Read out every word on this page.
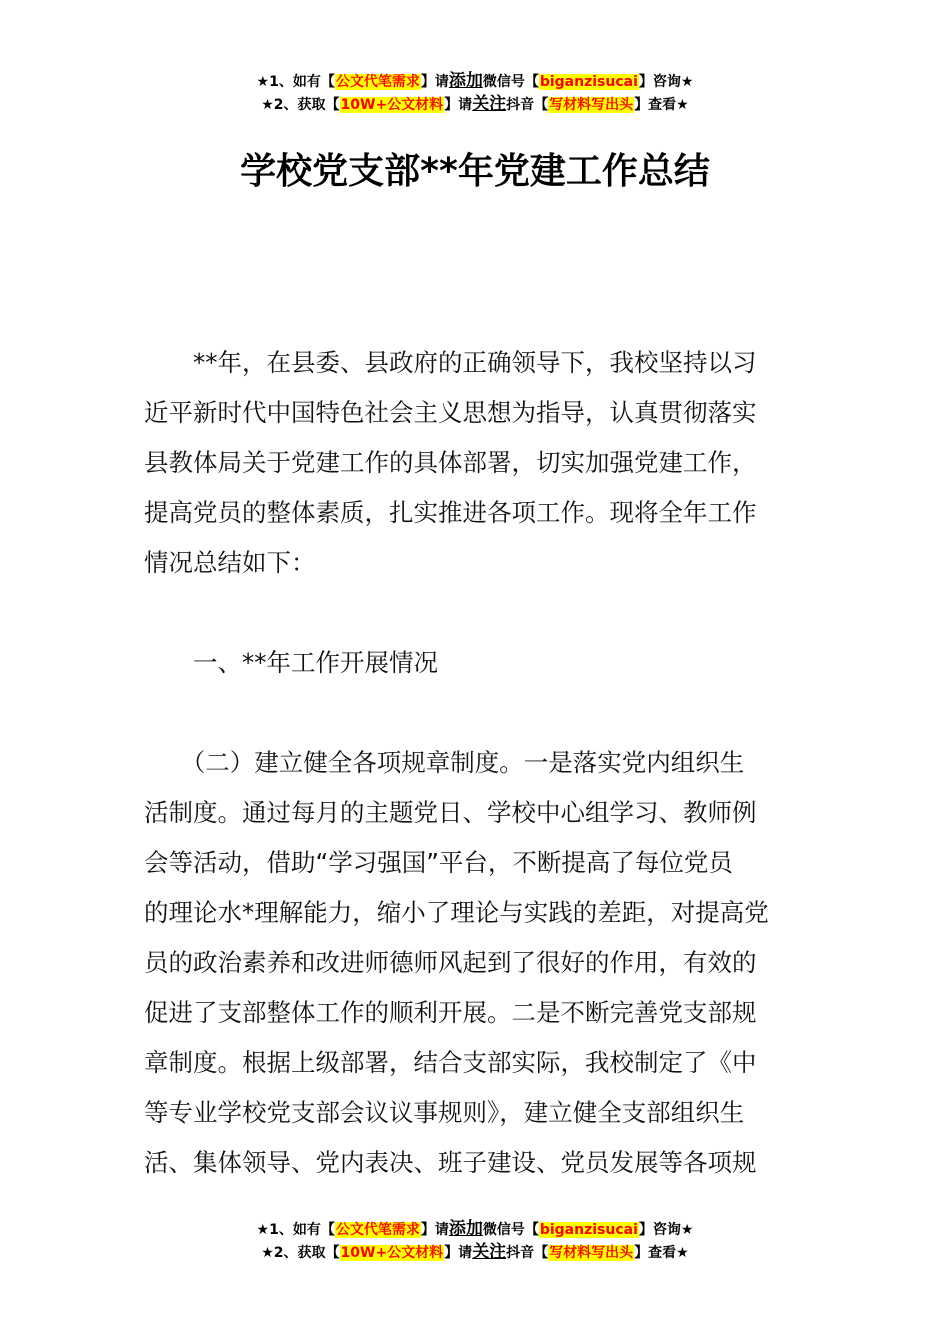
★1、如有【公文代笔需求】请添加微信号【biganzisucai】咨询★
★2、获取【10W+公文材料】请关注抖音【写材料写出头】查看★
学校党支部**年党建工作总结
　　**年，在县委、县政府的正确领导下，我校坚持以习
近平新时代中国特色社会主义思想为指导，认真贯彻落实
县教体局关于党建工作的具体部署，切实加强党建工作，
提高党员的整体素质，扎实推进各项工作。现将全年工作
情况总结如下：
　　一、**年工作开展情况
　　（二）建立健全各项规章制度。一是落实党内组织生
活制度。通过每月的主题党日、学校中心组学习、教师例
会等活动，借助“学习强国”平台，不断提高了每位党员
的理论水*理解能力，缩小了理论与实践的差距，对提高党
员的政治素养和改进师德师风起到了很好的作用，有效的
促进了支部整体工作的顺利开展。二是不断完善党支部规
章制度。根据上级部署，结合支部实际，我校制定了《中
等专业学校党支部会议议事规则》，建立健全支部组织生
活、集体领导、党内表决、班子建设、党员发展等各项规
★1、如有【公文代笔需求】请添加微信号【biganzisucai】咨询★
★2、获取【10W+公文材料】请关注抖音【写材料写出头】查看★
